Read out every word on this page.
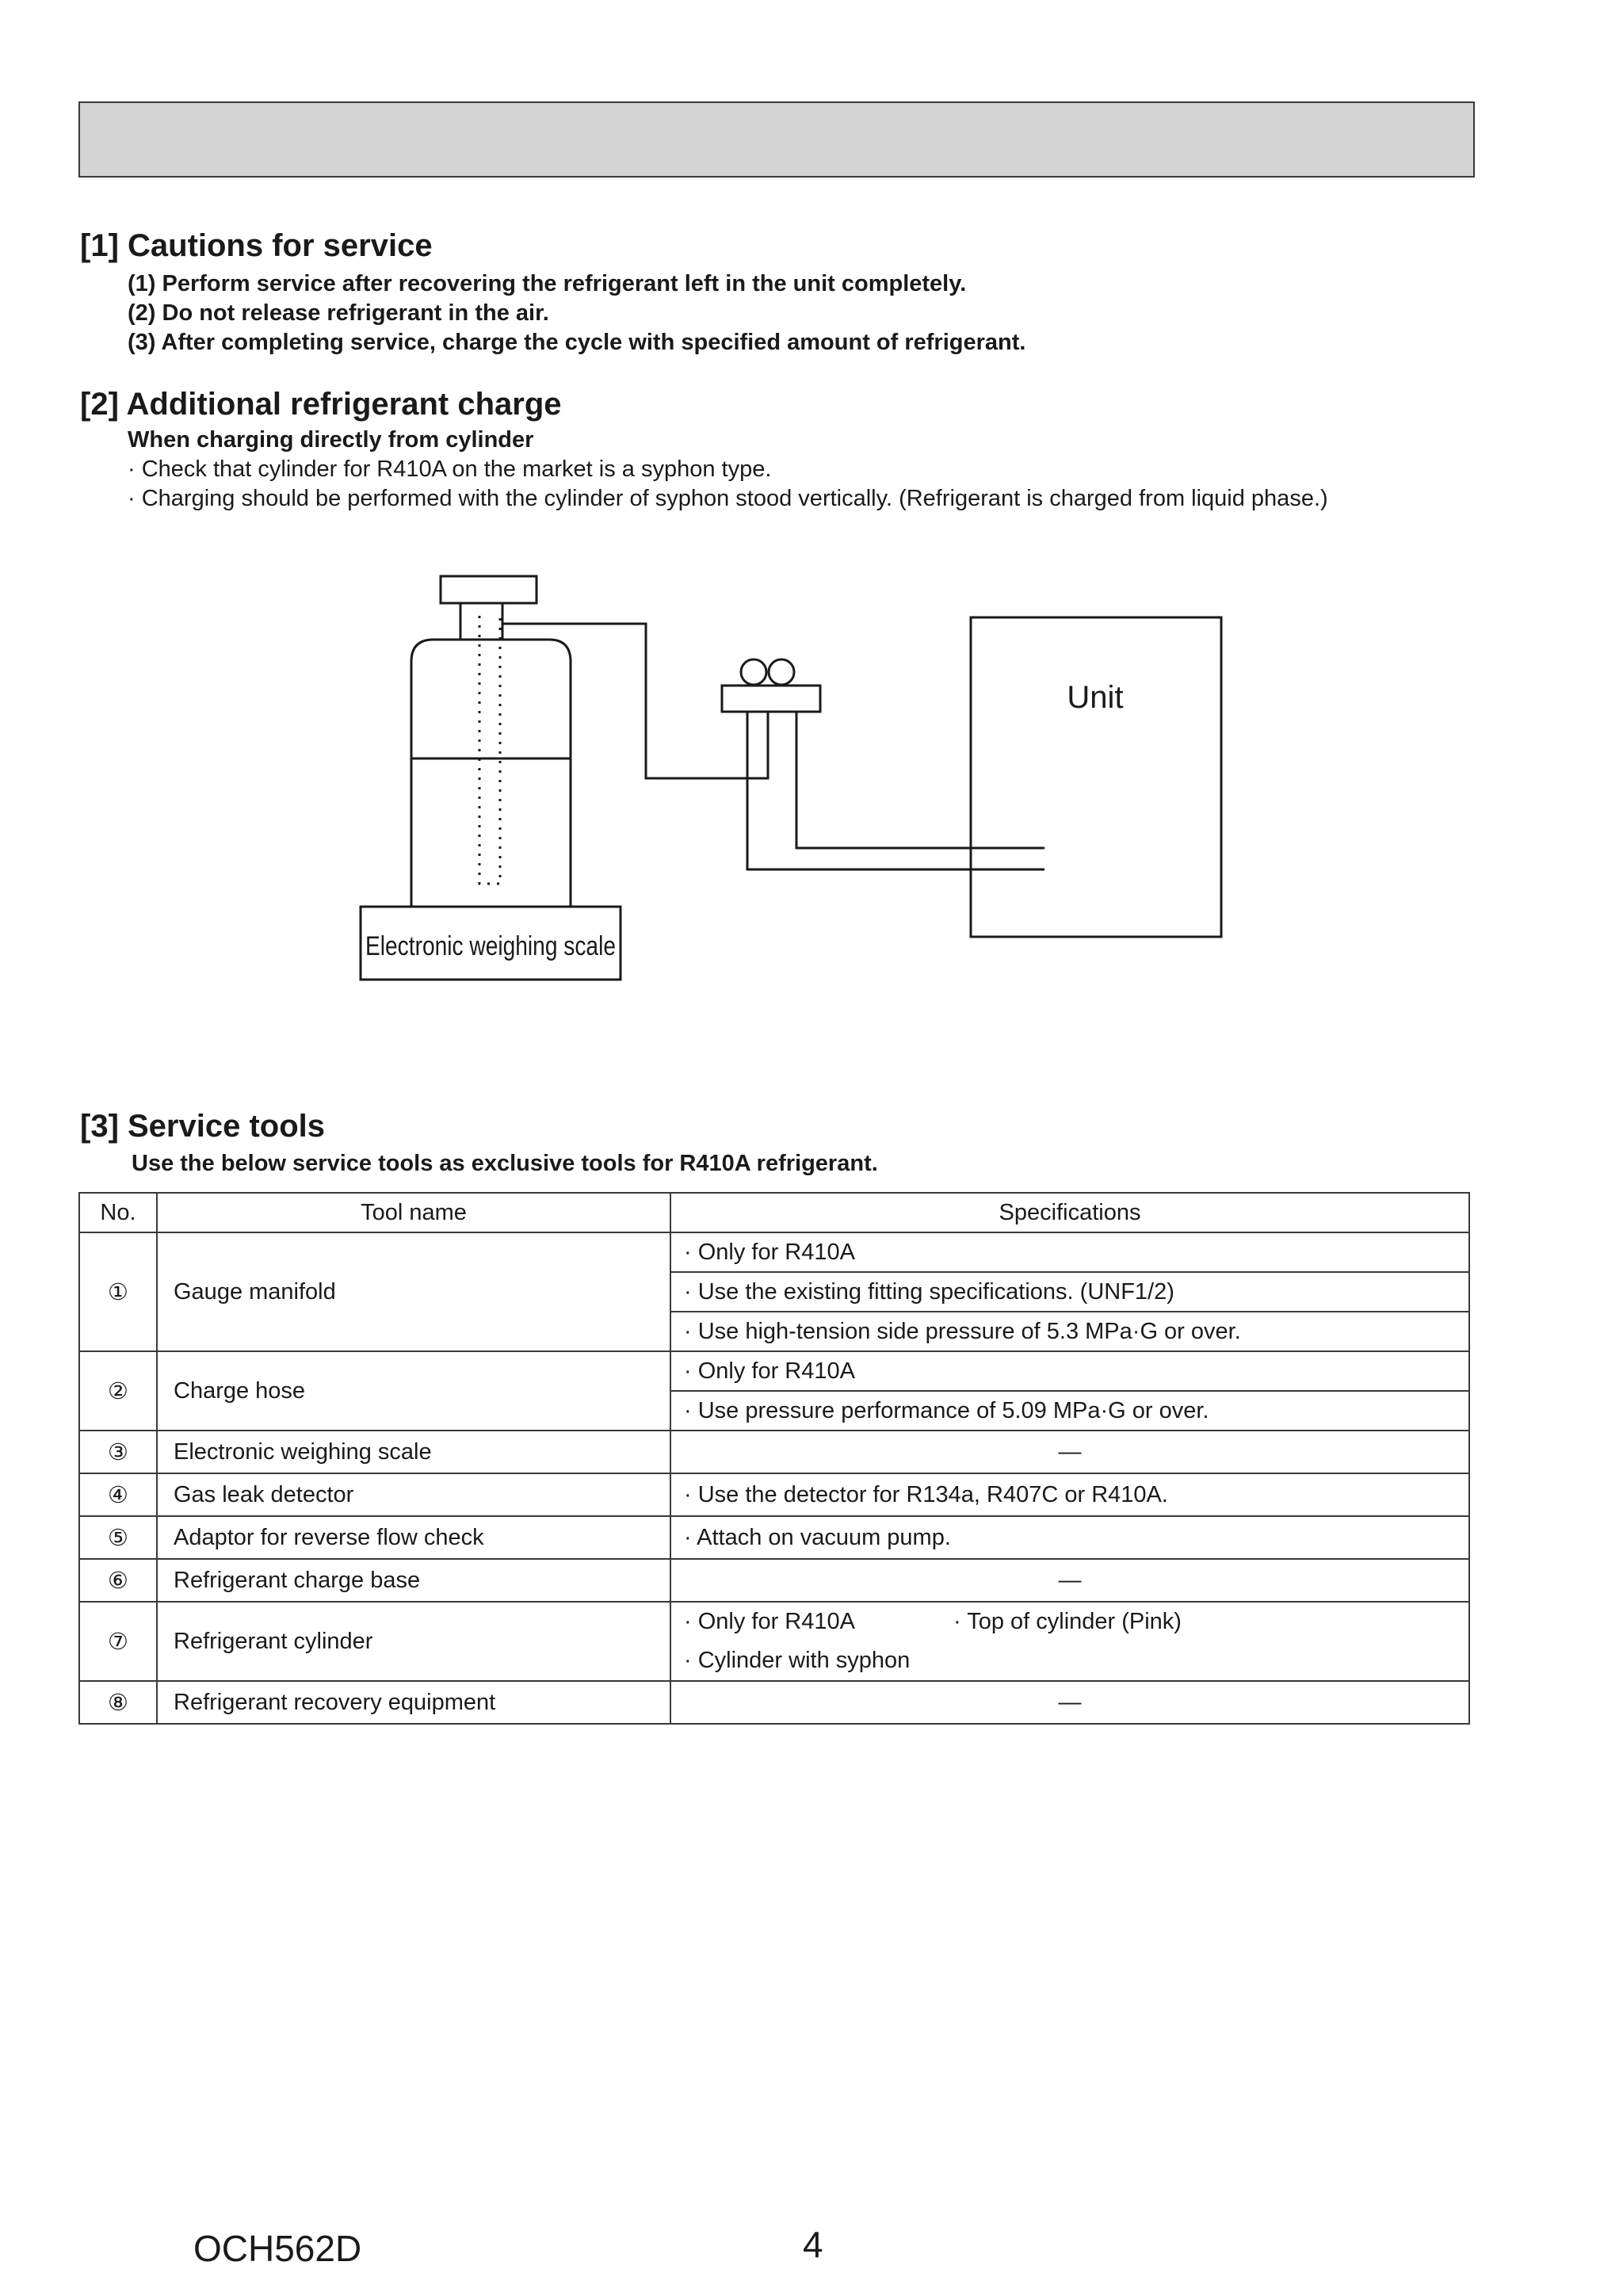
[1] Cautions for service
(1) Perform service after recovering the refrigerant left in the unit completely.
(2) Do not release refrigerant in the air.
(3) After completing service, charge the cycle with specified amount of refrigerant.
[2] Additional refrigerant charge
When charging directly from cylinder
· Check that cylinder for R410A on the market is a syphon type.
· Charging should be performed with the cylinder of syphon stood vertically. (Refrigerant is charged from liquid phase.)
Unit
Electronic weighing scale
[3] Service tools
Use the below service tools as exclusive tools for R410A refrigerant.
No.	Tool name	Specifications
①	Gauge manifold	· Only for R410A
		· Use the existing fitting specifications. (UNF1/2)
		· Use high-tension side pressure of 5.3 MPa·G or over.
②	Charge hose	· Only for R410A
		· Use pressure performance of 5.09 MPa·G or over.
③	Electronic weighing scale	—
④	Gas leak detector	· Use the detector for R134a, R407C or R410A.
⑤	Adaptor for reverse flow check	· Attach on vacuum pump.
⑥	Refrigerant charge base	—
⑦	Refrigerant cylinder	· Only for R410A · Top of cylinder (Pink)
		· Cylinder with syphon
⑧	Refrigerant recovery equipment	—
OCH562D	4
